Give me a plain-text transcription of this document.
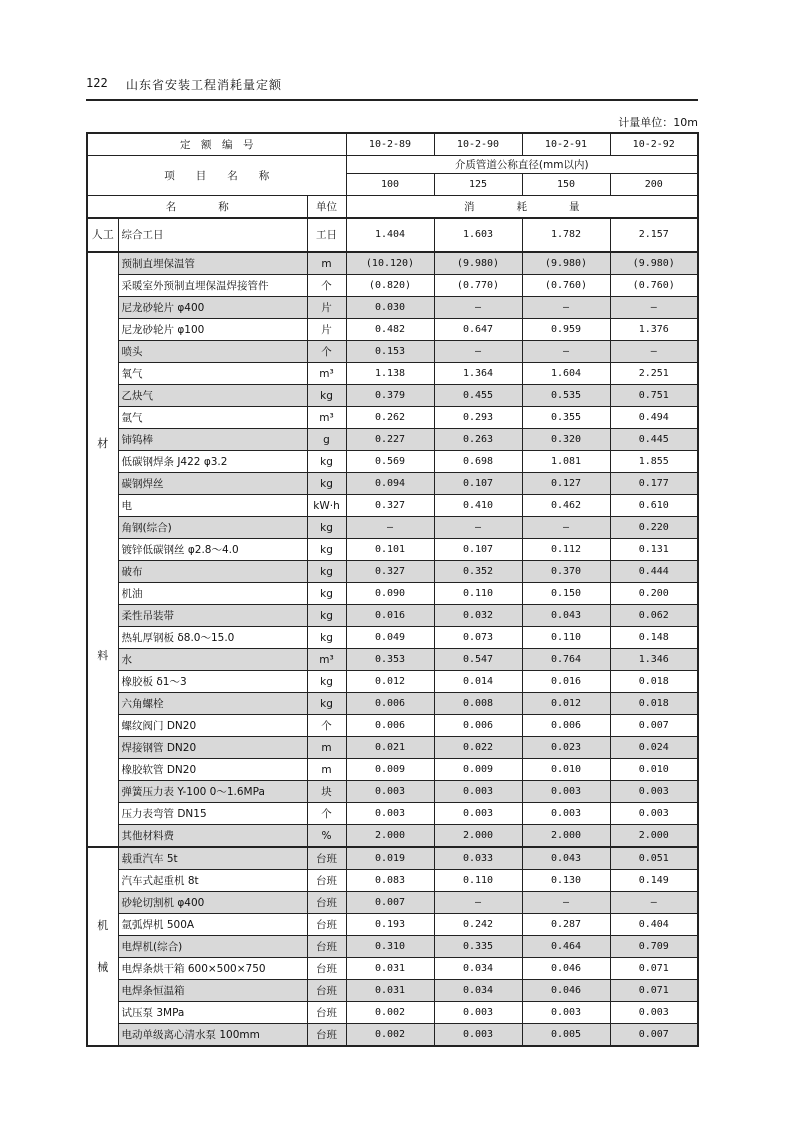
122 山东省安装工程消耗量定额
计量单位：10m
定　额　编　号			10-2-89	10-2-90	10-2-91	10-2-92
项　　目　　名　　称			介质管道公称直径(mm以内)			
			100	125	150	200
名　　　　称		单位	消　　　　耗　　　　量			

人工	综合工日	工日	1.404	1.603	1.782	2.157

材
料	预制直埋保温管	m	(10.120)	(9.980)	(9.980)	(9.980)
	采暖室外预制直埋保温焊接管件	个	(0.820)	(0.770)	(0.760)	(0.760)
	尼龙砂轮片 φ400	片	0.030	—	—	—
	尼龙砂轮片 φ100	片	0.482	0.647	0.959	1.376
	喷头	个	0.153	—	—	—
	氧气	m³	1.138	1.364	1.604	2.251
	乙炔气	kg	0.379	0.455	0.535	0.751
	氩气	m³	0.262	0.293	0.355	0.494
	铈钨棒	g	0.227	0.263	0.320	0.445
	低碳钢焊条 J422 φ3.2	kg	0.569	0.698	1.081	1.855
	碳钢焊丝	kg	0.094	0.107	0.127	0.177
	电	kW·h	0.327	0.410	0.462	0.610
	角钢(综合)	kg	—	—	—	0.220
	镀锌低碳钢丝 φ2.8～4.0	kg	0.101	0.107	0.112	0.131
	破布	kg	0.327	0.352	0.370	0.444
	机油	kg	0.090	0.110	0.150	0.200
	柔性吊装带	kg	0.016	0.032	0.043	0.062
	热轧厚钢板 δ8.0～15.0	kg	0.049	0.073	0.110	0.148
	水	m³	0.353	0.547	0.764	1.346
	橡胶板 δ1～3	kg	0.012	0.014	0.016	0.018
	六角螺栓	kg	0.006	0.008	0.012	0.018
	螺纹阀门 DN20	个	0.006	0.006	0.006	0.007
	焊接钢管 DN20	m	0.021	0.022	0.023	0.024
	橡胶软管 DN20	m	0.009	0.009	0.010	0.010
	弹簧压力表 Y-100 0～1.6MPa	块	0.003	0.003	0.003	0.003
	压力表弯管 DN15	个	0.003	0.003	0.003	0.003
	其他材料费	%	2.000	2.000	2.000	2.000

机
械	载重汽车 5t	台班	0.019	0.033	0.043	0.051
	汽车式起重机 8t	台班	0.083	0.110	0.130	0.149
	砂轮切割机 φ400	台班	0.007	—	—	—
	氩弧焊机 500A	台班	0.193	0.242	0.287	0.404
	电焊机(综合)	台班	0.310	0.335	0.464	0.709
	电焊条烘干箱 600×500×750	台班	0.031	0.034	0.046	0.071
	电焊条恒温箱	台班	0.031	0.034	0.046	0.071
	试压泵 3MPa	台班	0.002	0.003	0.003	0.003
	电动单级离心清水泵 100mm	台班	0.002	0.003	0.005	0.007
